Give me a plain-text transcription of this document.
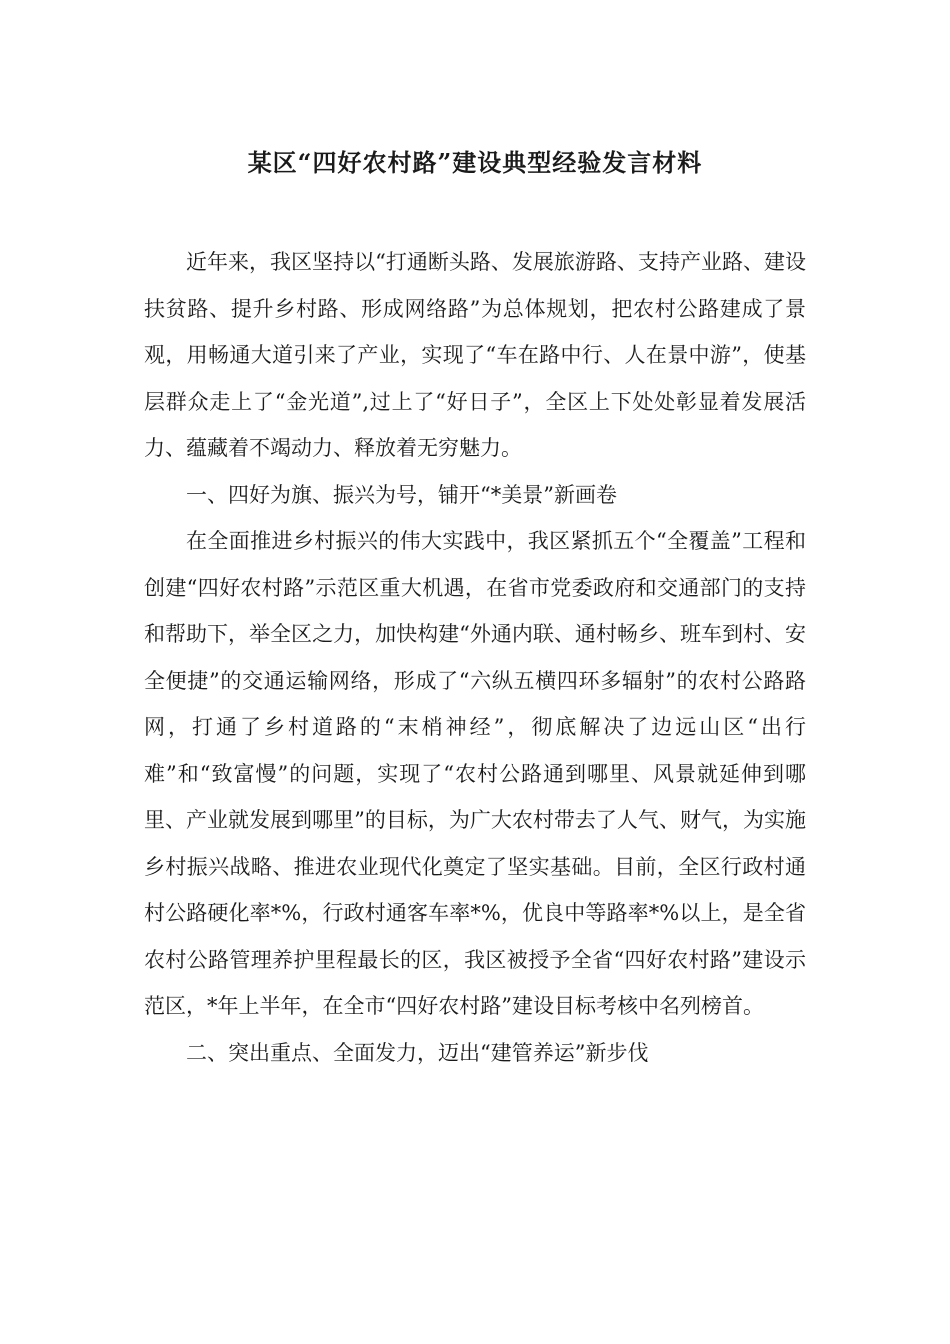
某区“四好农村路”建设典型经验发言材料

近年来，我区坚持以“打通断头路、发展旅游路、支持产业路、建设扶贫路、提升乡村路、形成网络路”为总体规划，把农村公路建成了景观，用畅通大道引来了产业，实现了“车在路中行、人在景中游”，使基层群众走上了“金光道”,过上了“好日子”，全区上下处处彰显着发展活力、蕴藏着不竭动力、释放着无穷魅力。

一、四好为旗、振兴为号，铺开“*美景”新画卷

在全面推进乡村振兴的伟大实践中，我区紧抓五个“全覆盖”工程和创建“四好农村路”示范区重大机遇，在省市党委政府和交通部门的支持和帮助下，举全区之力，加快构建“外通内联、通村畅乡、班车到村、安全便捷”的交通运输网络，形成了“六纵五横四环多辐射”的农村公路路网，打通了乡村道路的“末梢神经”，彻底解决了边远山区“出行难”和“致富慢”的问题，实现了“农村公路通到哪里、风景就延伸到哪里、产业就发展到哪里”的目标，为广大农村带去了人气、财气，为实施乡村振兴战略、推进农业现代化奠定了坚实基础。目前，全区行政村通村公路硬化率*%，行政村通客车率*%，优良中等路率*%以上，是全省农村公路管理养护里程最长的区，我区被授予全省“四好农村路”建设示范区，*年上半年，在全市“四好农村路”建设目标考核中名列榜首。

二、突出重点、全面发力，迈出“建管养运”新步伐
